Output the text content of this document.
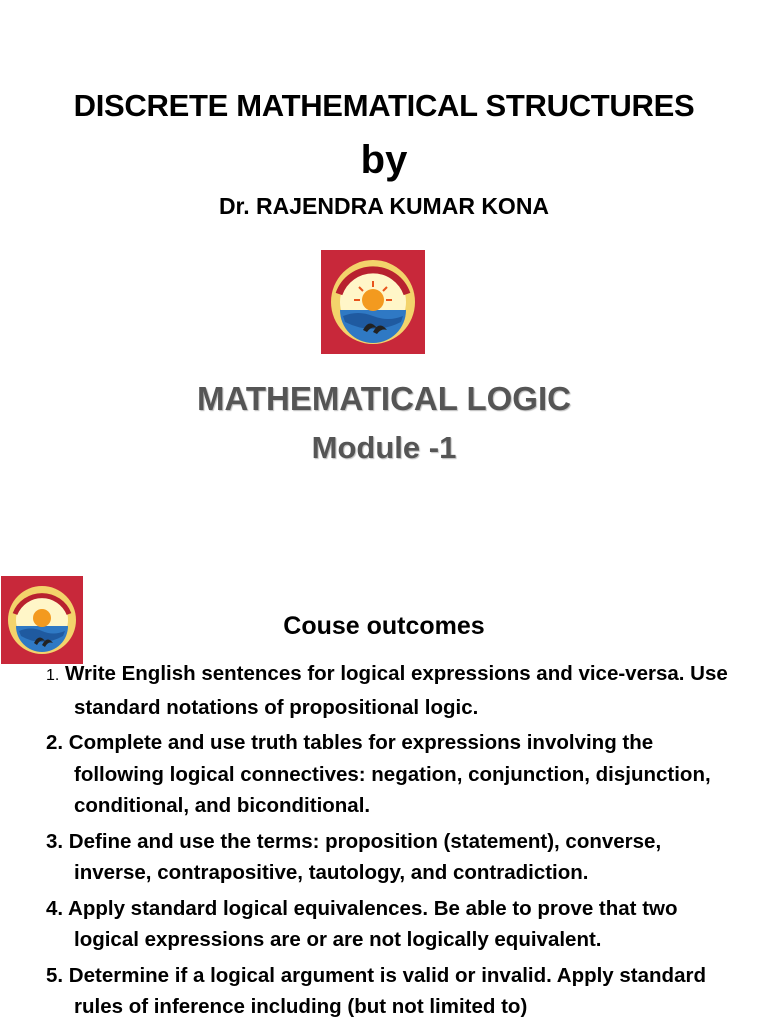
DISCRETE MATHEMATICAL STRUCTURES
by
Dr. RAJENDRA KUMAR KONA
MATHEMATICAL LOGIC
Module -1
Couse outcomes
1. Write English sentences for logical expressions and vice-versa. Use standard notations of propositional logic.
2. Complete and use truth tables for expressions involving the following logical connectives: negation, conjunction, disjunction, conditional, and biconditional.
3. Define and use the terms: proposition (statement), converse, inverse, contrapositive, tautology, and contradiction.
4. Apply standard logical equivalences. Be able to prove that two logical expressions are or are not logically equivalent.
5. Determine if a logical argument is valid or invalid. Apply standard rules of inference including (but not limited to)
